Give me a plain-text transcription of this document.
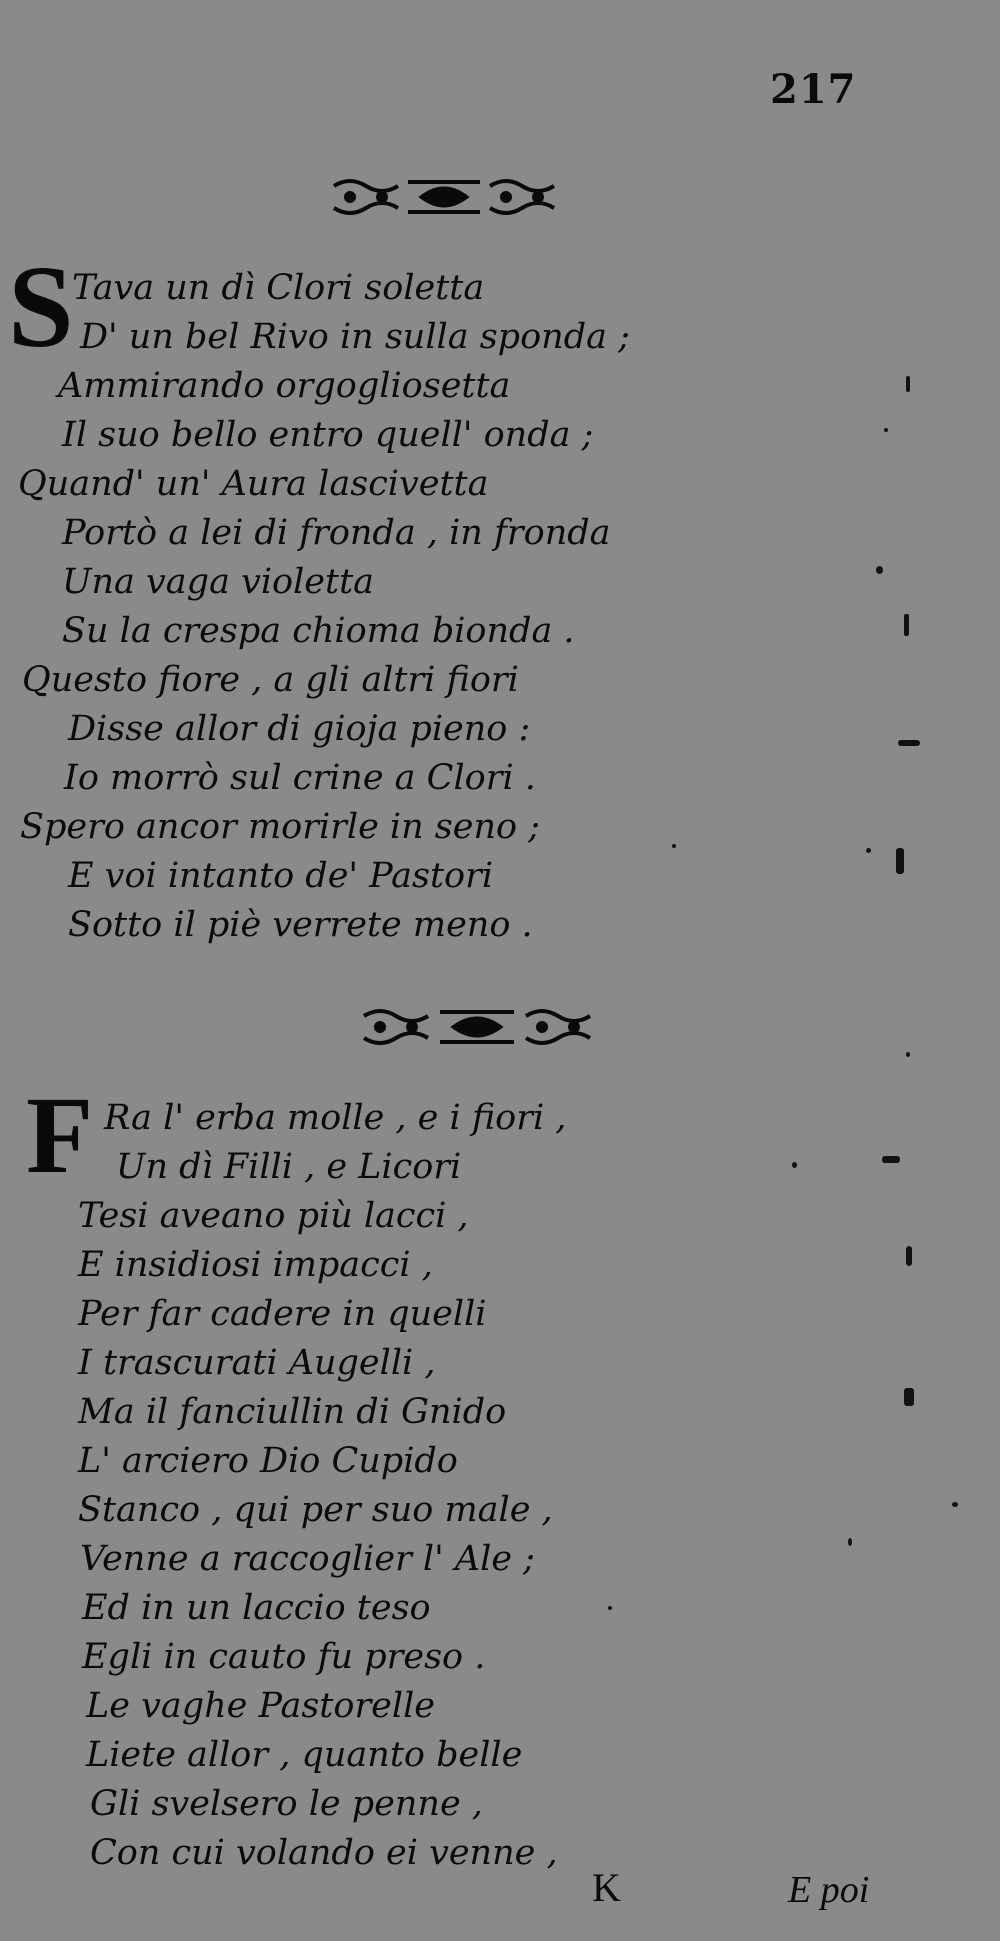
217
S
Tava un dì Clori soletta
D' un bel Rivo in sulla sponda ;
Ammirando orgogliosetta
Il suo bello entro quell' onda ;
Quand' un' Aura lascivetta
Portò a lei di fronda , in fronda
Una vaga violetta
Su la crespa chioma bionda .
Questo fiore , a gli altri fiori
Disse allor di gioja pieno :
Io morrò sul crine a Clori .
Spero ancor morirle in seno ;
E voi intanto de' Pastori
Sotto il piè verrete meno .
F Ra l' erba molle , e i fiori ,
Un dì Filli , e Licori
Tesi aveano più lacci ,
E insidiosi impacci ,
Per far cadere in quelli
I trascurati Augelli ,
Ma il fanciullin di Gnido
L' arciero Dio Cupido
Stanco , qui per suo male ,
Venne a raccoglier l' Ale ;
Ed in un laccio teso
Egli in cauto fu preso .
Le vaghe Pastorelle
Liete allor , quanto belle
Gli svelsero le penne ,
Con cui volando ei venne ,
K	E poi
